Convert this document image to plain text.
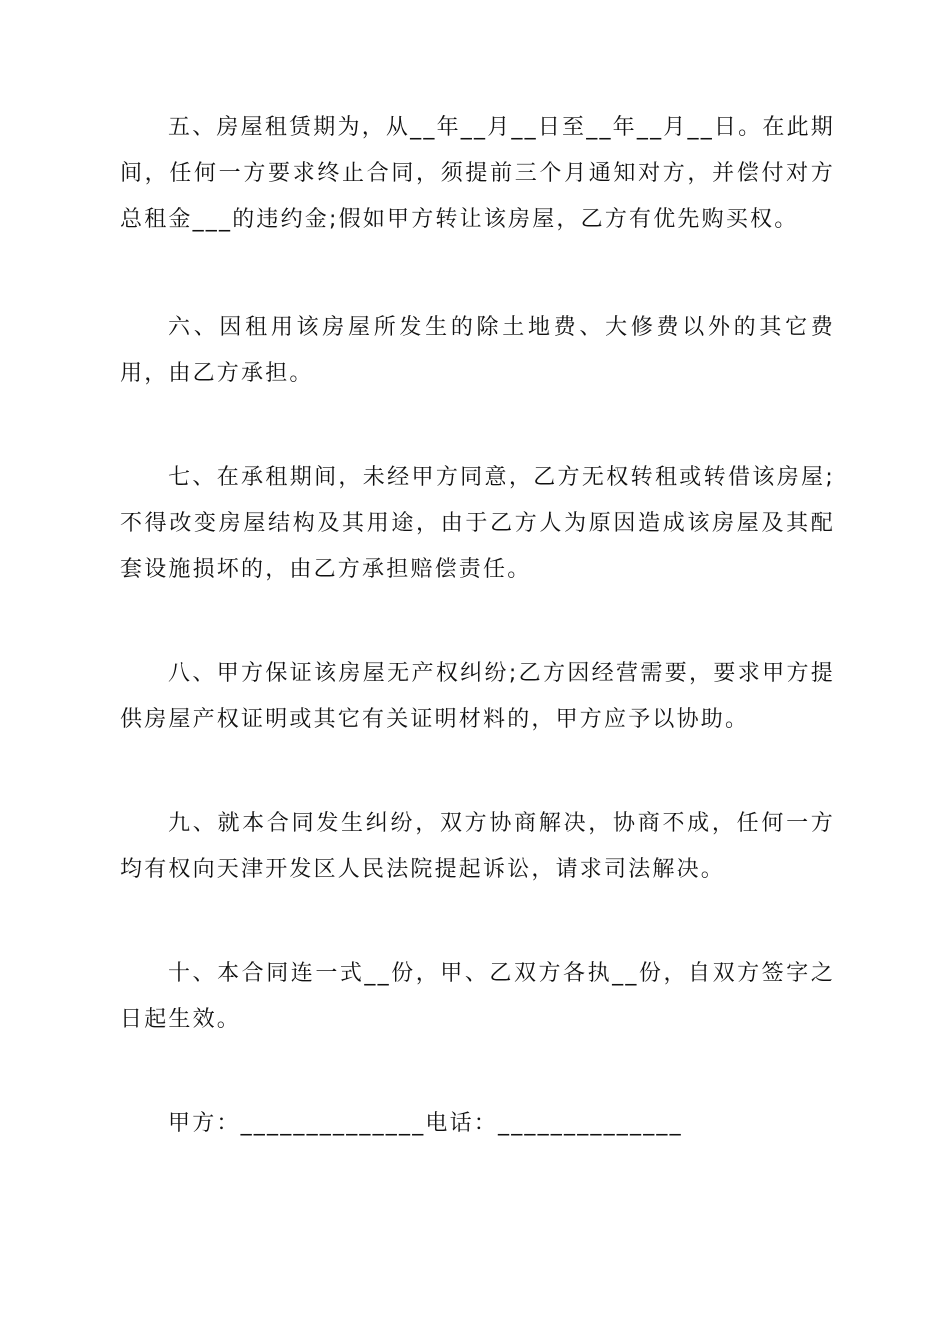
五、房屋租赁期为，从__年__月__日至__年__月__日。在此期间，任何一方要求终止合同，须提前三个月通知对方，并偿付对方总租金___的违约金;假如甲方转让该房屋，乙方有优先购买权。

六、因租用该房屋所发生的除土地费、大修费以外的其它费用，由乙方承担。

七、在承租期间，未经甲方同意，乙方无权转租或转借该房屋;不得改变房屋结构及其用途，由于乙方人为原因造成该房屋及其配套设施损坏的，由乙方承担赔偿责任。

八、甲方保证该房屋无产权纠纷;乙方因经营需要，要求甲方提供房屋产权证明或其它有关证明材料的，甲方应予以协助。

九、就本合同发生纠纷，双方协商解决，协商不成，任何一方均有权向天津开发区人民法院提起诉讼，请求司法解决。

十、本合同连一式__份，甲、乙双方各执__份，自双方签字之日起生效。

甲方：______________电话：______________
